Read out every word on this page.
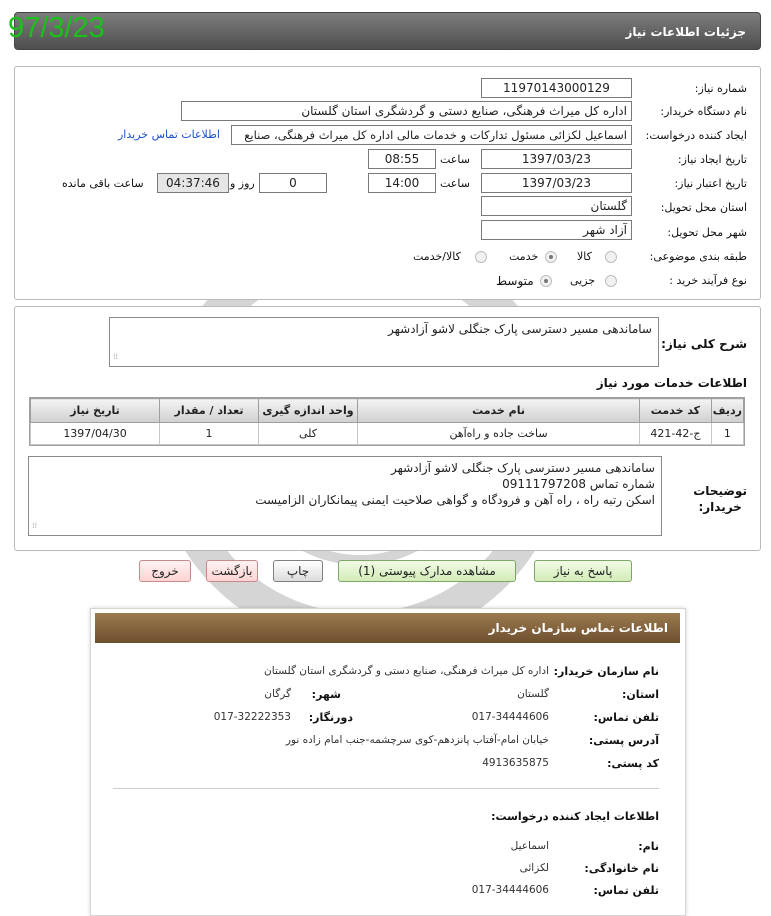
97/3/23	جزئیات اطلاعات نیاز
شماره نیاز:
11970143000129
نام دستگاه خریدار:
اداره کل میراث فرهنگی، صنایع دستی و گردشگری استان گلستان
ایجاد کننده درخواست:
اسماعیل لکزائی مسئول تدارکات و خدمات مالی اداره کل میراث فرهنگی، صنایع
اطلاعات تماس خریدار
تاریخ ایجاد نیاز:
1397/03/23
ساعت
08:55
تاریخ اعتبار نیاز:
1397/03/23
ساعت
14:00
0
روز و
04:37:46
ساعت باقی مانده
استان محل تحویل:
گلستان
شهر محل تحویل:
آزاد شهر
طبقه بندی موضوعی:
کالا
خدمت
کالا/خدمت
نوع فرآیند خرید :
جزیی
متوسط
شرح کلی نیاز:
ساماندهی مسیر دسترسی پارک جنگلی لاشو آزادشهر
⁞⁞
اطلاعات خدمات مورد نیاز
ردیف	کد خدمت	نام خدمت	واحد اندازه گیری	تعداد / مقدار	تاریخ نیاز
1	ج-42-421	ساخت جاده و راه‌آهن	کلی	1	1397/04/30
توضیحات
خریدار:
ساماندهی مسیر دسترسی پارک جنگلی لاشو آزادشهر
شماره تماس 09111797208
اسکن رتبه راه ، راه آهن و فرودگاه و گواهی صلاحیت ایمنی پیمانکاران الزامیست
⁞⁞
پاسخ به نیاز
مشاهده مدارک پیوستی (1)
چاپ
بازگشت
خروج
اطلاعات تماس سازمان خریدار
نام سازمان خریدار:
اداره کل میراث فرهنگی، صنایع دستی و گردشگری استان گلستان
استان:
گلستان
شهر:
گرگان
تلفن تماس:
017-34444606
دورنگار:
017-32222353
آدرس پستی:
خیابان امام-آفتاب پانزدهم-کوی سرچشمه-جنب امام زاده نور
کد پستی:
4913635875
اطلاعات ایجاد کننده درخواست:
نام:
اسماعیل
نام خانوادگی:
لکزائی
تلفن تماس:
017-34444606
